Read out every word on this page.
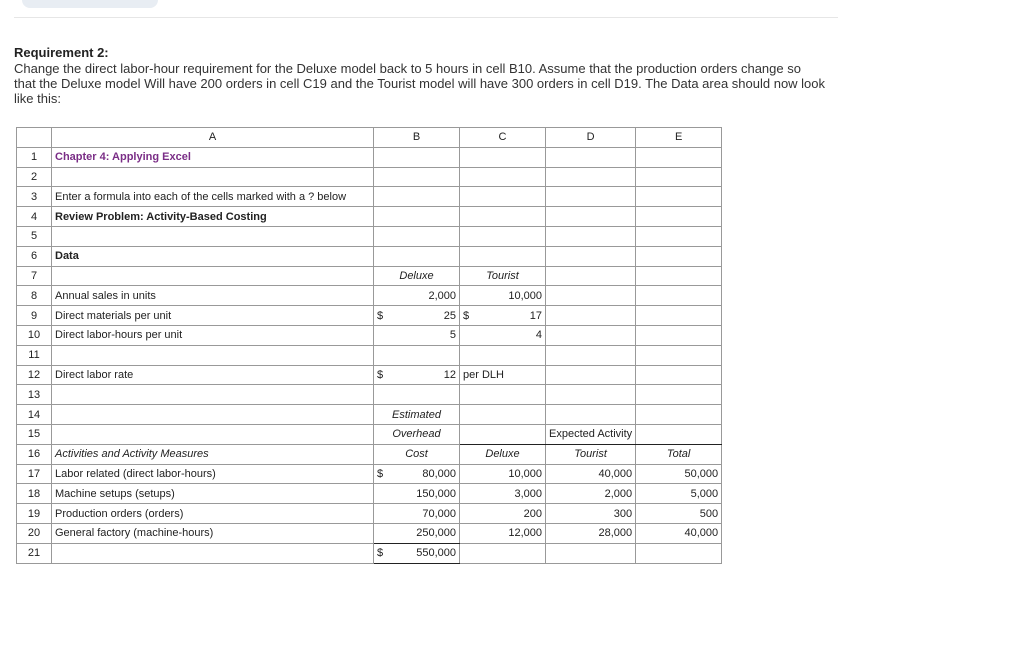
Requirement 2:
Change the direct labor-hour requirement for the Deluxe model back to 5 hours in cell B10. Assume that the production orders change so that the Deluxe model Will have 200 orders in cell C19 and the Tourist model will have 300 orders in cell D19. The Data area should now look like this:
	A	B	C	D	E
1	Chapter 4: Applying Excel				
2					
3	Enter a formula into each of the cells marked with a ? below				
4	Review Problem: Activity-Based Costing				
5					
6	Data				
7		Deluxe	Tourist		
8	Annual sales in units	2,000	10,000		
9	Direct materials per unit	$ 25	$ 17		

10	Direct labor-hours per unit	5	4		
11					
12	Direct labor rate	$ 12	per DLH		
13					
14		Estimated			
15		Overhead		Expected Activity	
16	Activities and Activity Measures	Cost	Deluxe	Tourist	Total
17	Labor related (direct labor-hours)	$ 80,000	10,000	40,000	50,000
18	Machine setups (setups)	150,000	3,000	2,000	5,000
19	Production orders (orders)	70,000	200	300	500
20	General factory (machine-hours)	250,000	12,000	28,000	40,000
21		$ 550,000			
